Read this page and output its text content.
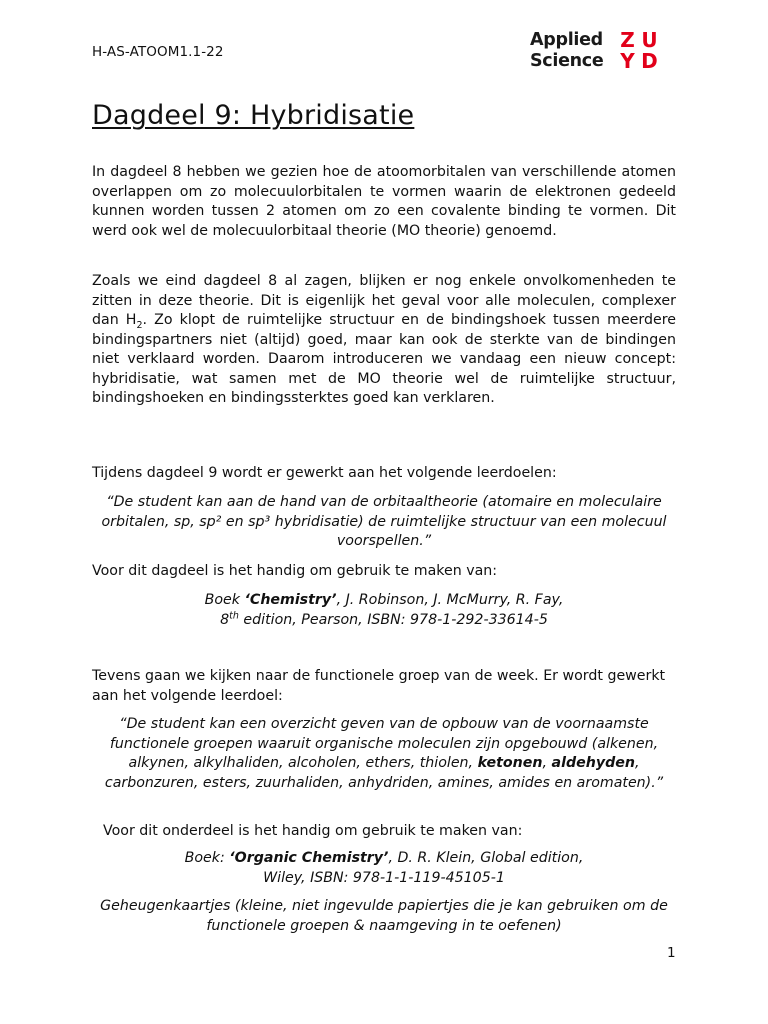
H-AS-ATOOM1.1-22
Applied
Science
Z U
Y D
Dagdeel 9: Hybridisatie

In dagdeel 8 hebben we gezien hoe de atoomorbitalen van verschillende atomen overlappen om zo molecuulorbitalen te vormen waarin de elektronen gedeeld kunnen worden tussen 2 atomen om zo een covalente binding te vormen. Dit werd ook wel de molecuulorbitaal theorie (MO theorie) genoemd.

Zoals we eind dagdeel 8 al zagen, blijken er nog enkele onvolkomenheden te zitten in deze theorie. Dit is eigenlijk het geval voor alle moleculen, complexer dan $H_2$. Zo klopt de ruimtelijke structuur en de bindingshoek tussen meerdere bindingspartners niet (altijd) goed, maar kan ook de sterkte van de bindingen niet verklaard worden. Daarom introduceren we vandaag een nieuw concept: hybridisatie, wat samen met de MO theorie wel de ruimtelijke structuur, bindingshoeken en bindingssterktes goed kan verklaren.

Tijdens dagdeel 9 wordt er gewerkt aan het volgende leerdoelen:

“De student kan aan de hand van de orbitaaltheorie (atomaire en moleculaire orbitalen, sp, sp² en sp³ hybridisatie) de ruimtelijke structuur van een molecuul voorspellen.”

Voor dit dagdeel is het handig om gebruik te maken van:

Boek ‘Chemistry’, J. Robinson, J. McMurry, R. Fay,
8th edition, Pearson, ISBN: 978-1-292-33614-5

Tevens gaan we kijken naar de functionele groep van de week. Er wordt gewerkt aan het volgende leerdoel:

“De student kan een overzicht geven van de opbouw van de voornaamste functionele groepen waaruit organische moleculen zijn opgebouwd (alkenen, alkynen, alkylhaliden, alcoholen, ethers, thiolen, ketonen, aldehyden, carbonzuren, esters, zuurhaliden, anhydriden, amines, amides en aromaten).”

Voor dit onderdeel is het handig om gebruik te maken van:

Boek: ‘Organic Chemistry’, D. R. Klein, Global edition,
Wiley, ISBN: 978-1-1-119-45105-1

Geheugenkaartjes (kleine, niet ingevulde papiertjes die je kan gebruiken om de functionele groepen & naamgeving in te oefenen)

1
